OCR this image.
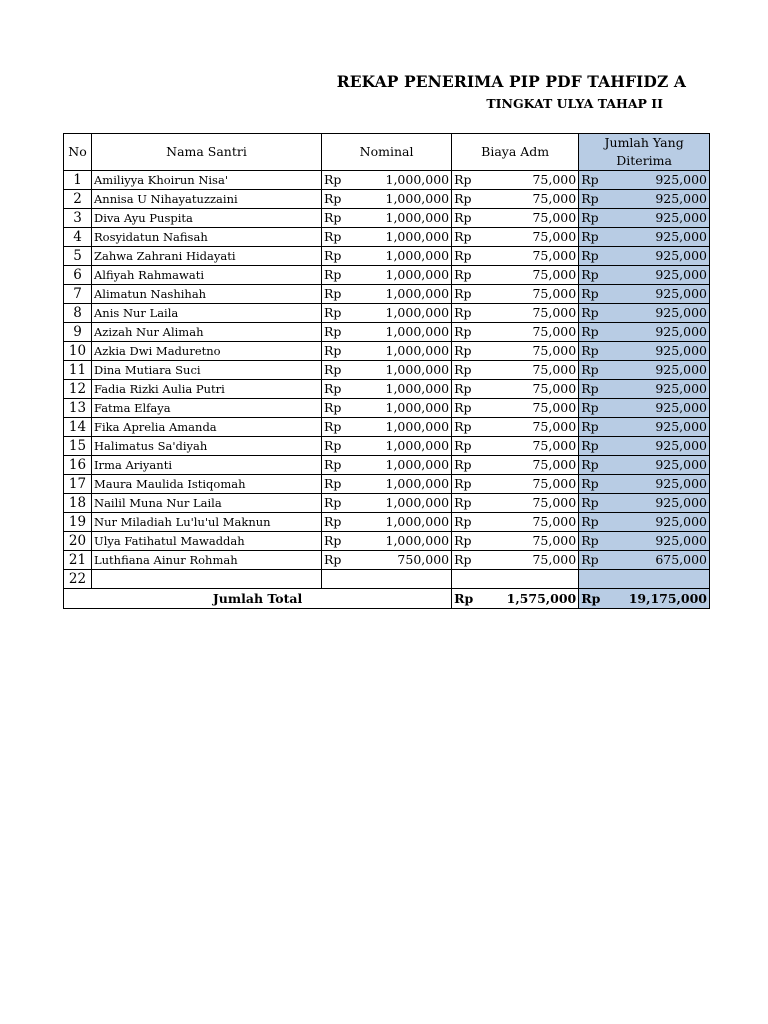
REKAP PENERIMA PIP PDF TAHFIDZ A
TINGKAT ULYA TAHAP II
No	Nama Santri	Nominal		Biaya Adm		Jumlah Yang Diterima	
1	Amiliyya Khoirun Nisa'	Rp	1,000,000	Rp	75,000	Rp	925,000
2	Annisa U Nihayatuzzaini	Rp	1,000,000	Rp	75,000	Rp	925,000
3	Diva Ayu Puspita	Rp	1,000,000	Rp	75,000	Rp	925,000
4	Rosyidatun Nafisah	Rp	1,000,000	Rp	75,000	Rp	925,000
5	Zahwa Zahrani Hidayati	Rp	1,000,000	Rp	75,000	Rp	925,000
6	Alfiyah Rahmawati	Rp	1,000,000	Rp	75,000	Rp	925,000
7	Alimatun Nashihah	Rp	1,000,000	Rp	75,000	Rp	925,000
8	Anis Nur Laila	Rp	1,000,000	Rp	75,000	Rp	925,000
9	Azizah Nur Alimah	Rp	1,000,000	Rp	75,000	Rp	925,000
10	Azkia Dwi Maduretno	Rp	1,000,000	Rp	75,000	Rp	925,000
11	Dina Mutiara Suci	Rp	1,000,000	Rp	75,000	Rp	925,000
12	Fadia Rizki Aulia Putri	Rp	1,000,000	Rp	75,000	Rp	925,000
13	Fatma Elfaya	Rp	1,000,000	Rp	75,000	Rp	925,000
14	Fika Aprelia Amanda	Rp	1,000,000	Rp	75,000	Rp	925,000
15	Halimatus Sa'diyah	Rp	1,000,000	Rp	75,000	Rp	925,000
16	Irma Ariyanti	Rp	1,000,000	Rp	75,000	Rp	925,000
17	Maura Maulida Istiqomah	Rp	1,000,000	Rp	75,000	Rp	925,000
18	Nailil Muna Nur Laila	Rp	1,000,000	Rp	75,000	Rp	925,000
19	Nur Miladiah Lu'lu'ul Maknun	Rp	1,000,000	Rp	75,000	Rp	925,000
20	Ulya Fatihatul Mawaddah	Rp	1,000,000	Rp	75,000	Rp	925,000
21	Luthfiana Ainur Rohmah	Rp	750,000	Rp	75,000	Rp	675,000
22							
Jumlah Total				Rp	1,575,000	Rp	19,175,000
